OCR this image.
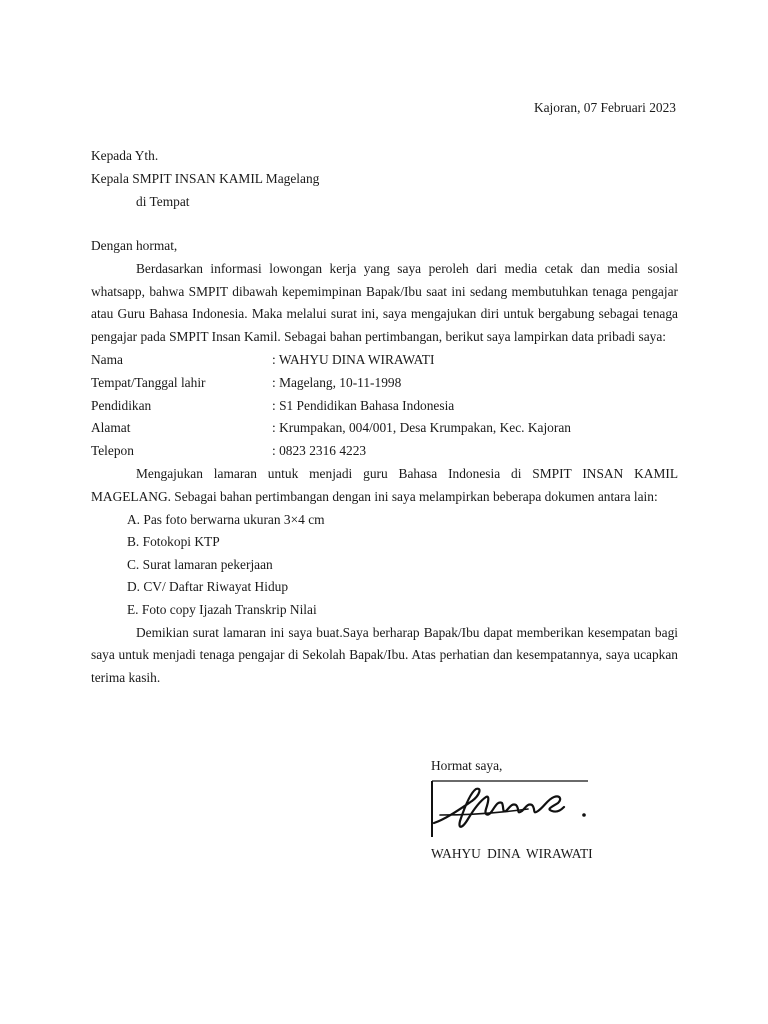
Kajoran, 07 Februari 2023
Kepada Yth.
Kepala SMPIT INSAN KAMIL Magelang
di Tempat
Dengan hormat,
Berdasarkan informasi lowongan kerja yang saya peroleh dari media cetak dan media sosial whatsapp, bahwa SMPIT dibawah kepemimpinan Bapak/Ibu saat ini sedang membutuhkan tenaga pengajar atau Guru Bahasa Indonesia. Maka melalui surat ini, saya mengajukan diri untuk bergabung sebagai tenaga pengajar pada SMPIT Insan Kamil. Sebagai bahan pertimbangan, berikut saya lampirkan data pribadi saya:
Nama	: WAHYU DINA WIRAWATI
Tempat/Tanggal lahir	: Magelang, 10-11-1998
Pendidikan	: S1 Pendidikan Bahasa Indonesia
Alamat	: Krumpakan, 004/001, Desa Krumpakan, Kec. Kajoran
Telepon	: 0823 2316 4223
Mengajukan lamaran untuk menjadi guru Bahasa Indonesia di SMPIT INSAN KAMIL MAGELANG. Sebagai bahan pertimbangan dengan ini saya melampirkan beberapa dokumen antara lain:
A. Pas foto berwarna ukuran 3×4 cm
B. Fotokopi KTP
C. Surat lamaran pekerjaan
D. CV/ Daftar Riwayat Hidup
E. Foto copy Ijazah Transkrip Nilai
Demikian surat lamaran ini saya buat.Saya berharap Bapak/Ibu dapat memberikan kesempatan bagi saya untuk menjadi tenaga pengajar di Sekolah Bapak/Ibu. Atas perhatian dan kesempatannya, saya ucapkan terima kasih.
Hormat saya,
WAHYU DINA WIRAWATI
